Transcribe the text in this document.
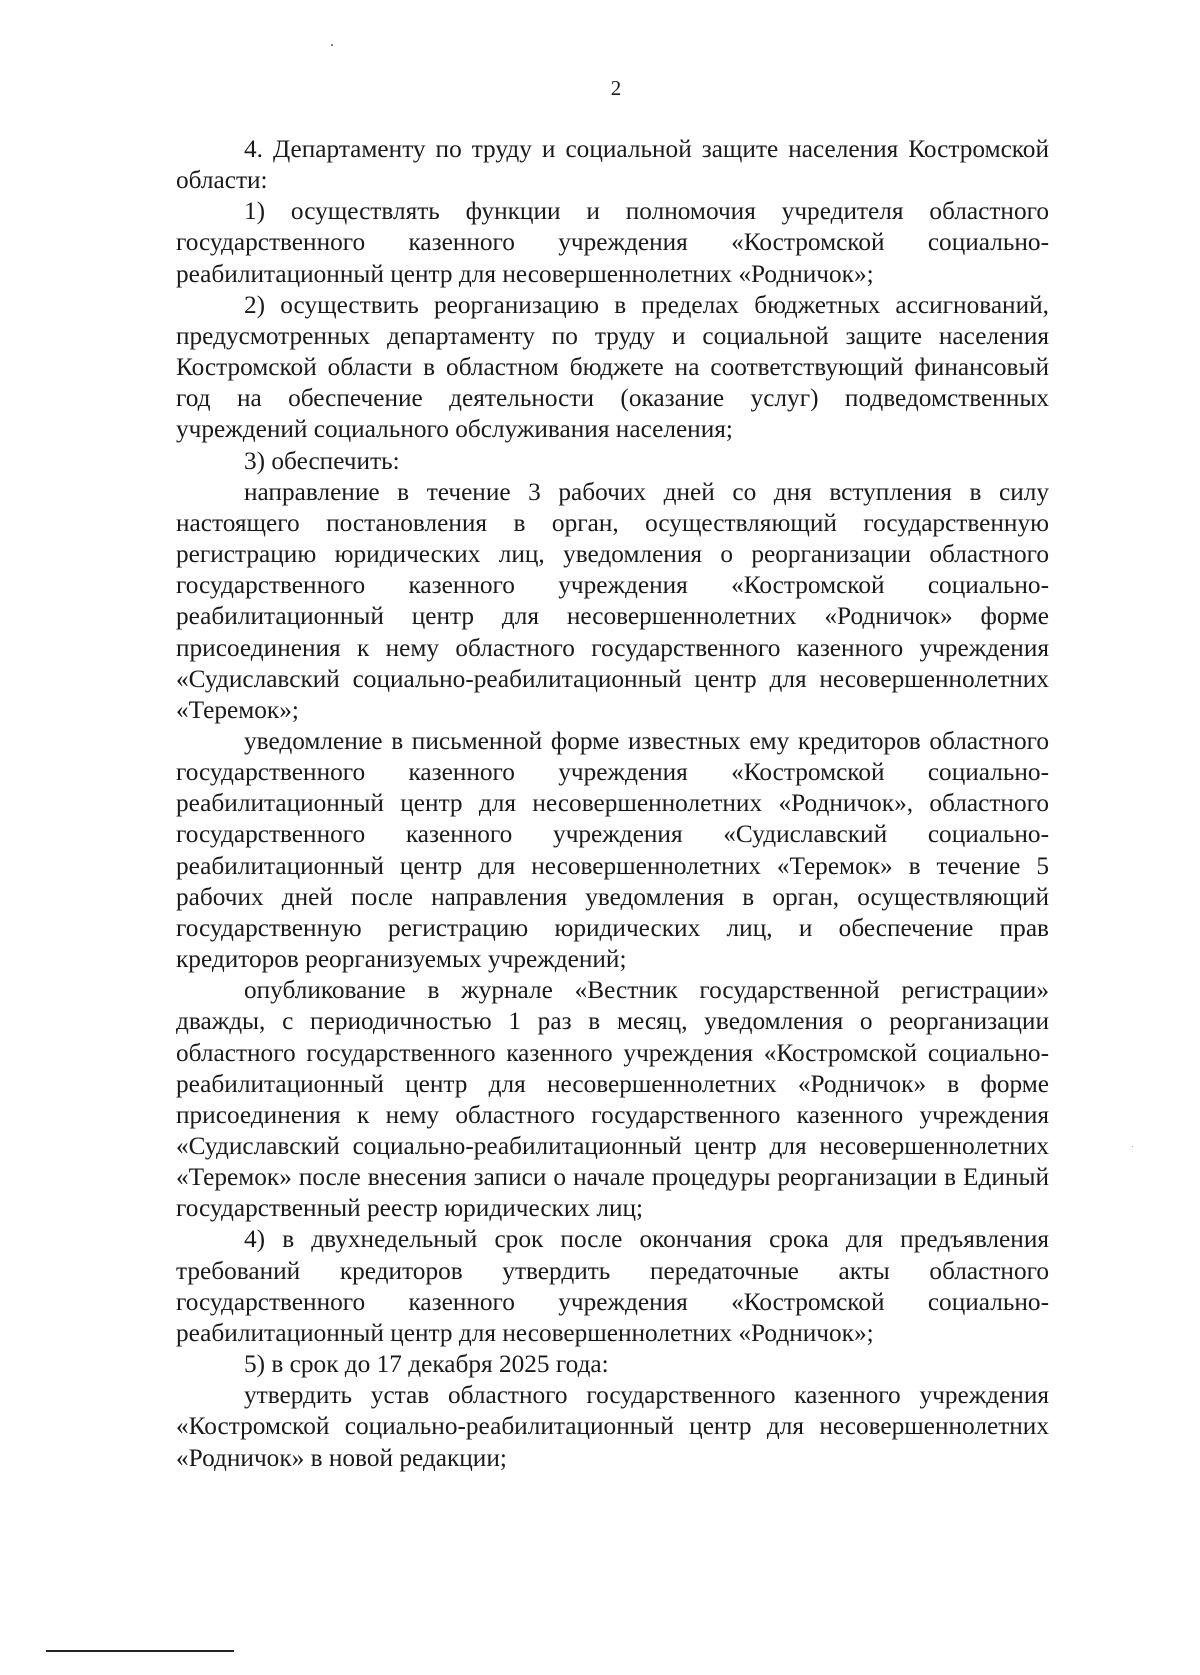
2

4. Департаменту по труду и социальной защите населения Костромской области:

1) осуществлять функции и полномочия учредителя областного государственного казенного учреждения «Костромской социально-реабилитационный центр для несовершеннолетних «Родничок»;

2) осуществить реорганизацию в пределах бюджетных ассигнований, предусмотренных департаменту по труду и социальной защите населения Костромской области в областном бюджете на соответствующий финансовый год на обеспечение деятельности (оказание услуг) подведомственных учреждений социального обслуживания населения;

3) обеспечить:

направление в течение 3 рабочих дней со дня вступления в силу настоящего постановления в орган, осуществляющий государственную регистрацию юридических лиц, уведомления о реорганизации областного государственного казенного учреждения «Костромской социально-реабилитационный центр для несовершеннолетних «Родничок» форме присоединения к нему областного государственного казенного учреждения «Судиславский социально-реабилитационный центр для несовершеннолетних «Теремок»;

уведомление в письменной форме известных ему кредиторов областного государственного казенного учреждения «Костромской социально-реабилитационный центр для несовершеннолетних «Родничок», областного государственного казенного учреждения «Судиславский социально-реабилитационный центр для несовершеннолетних «Теремок» в течение 5 рабочих дней после направления уведомления в орган, осуществляющий государственную регистрацию юридических лиц, и обеспечение прав кредиторов реорганизуемых учреждений;

опубликование в журнале «Вестник государственной регистрации» дважды, с периодичностью 1 раз в месяц, уведомления о реорганизации областного государственного казенного учреждения «Костромской социально-реабилитационный центр для несовершеннолетних «Родничок» в форме присоединения к нему областного государственного казенного учреждения «Судиславский социально-реабилитационный центр для несовершеннолетних «Теремок» после внесения записи о начале процедуры реорганизации в Единый государственный реестр юридических лиц;

4) в двухнедельный срок после окончания срока для предъявления требований кредиторов утвердить передаточные акты областного государственного казенного учреждения «Костромской социально-реабилитационный центр для несовершеннолетних «Родничок»;

5) в срок до 17 декабря 2025 года:

утвердить устав областного государственного казенного учреждения «Костромской социально-реабилитационный центр для несовершеннолетних «Родничок» в новой редакции;
